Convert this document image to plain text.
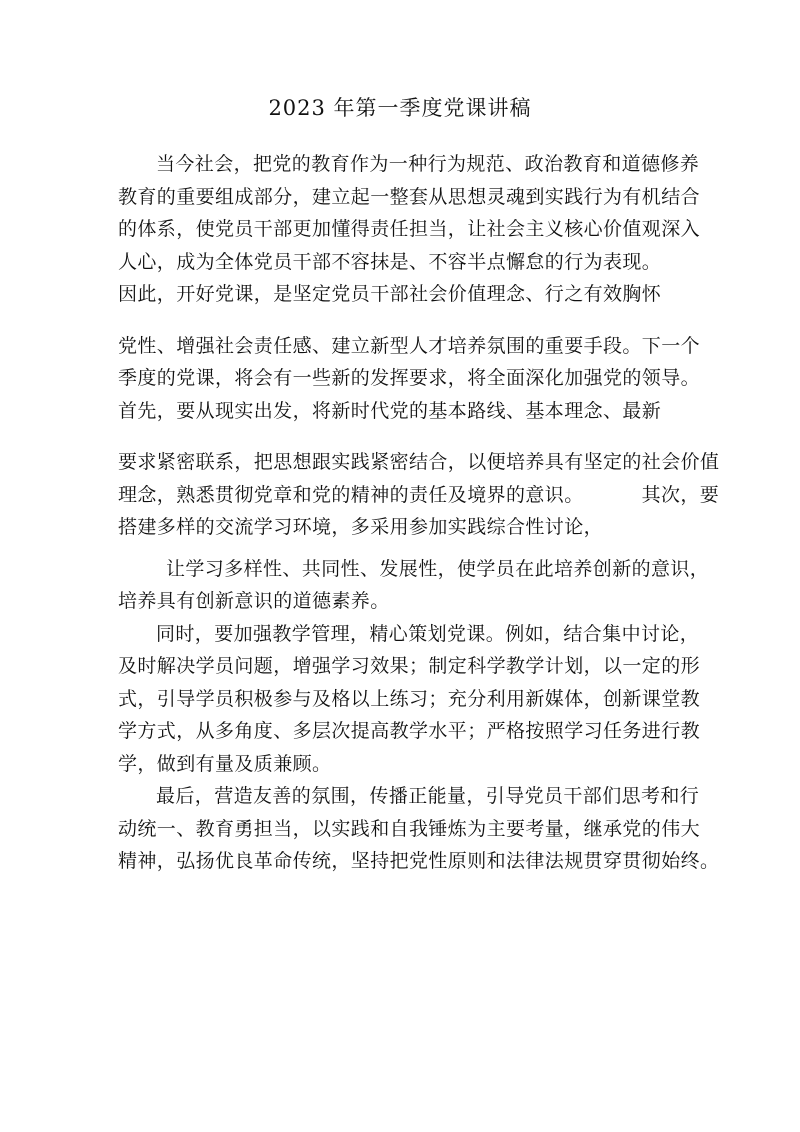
2023 年第一季度党课讲稿
当今社会，把党的教育作为一种行为规范、政治教育和道德修养
教育的重要组成部分，建立起一整套从思想灵魂到实践行为有机结合
的体系，使党员干部更加懂得责任担当，让社会主义核心价值观深入
人心，成为全体党员干部不容抹是、不容半点懈怠的行为表现。
因此，开好党课，是坚定党员干部社会价值理念、行之有效胸怀
党性、增强社会责任感、建立新型人才培养氛围的重要手段。下一个
季度的党课，将会有一些新的发挥要求，将全面深化加强党的领导。
首先，要从现实出发，将新时代党的基本路线、基本理念、最新
要求紧密联系，把思想跟实践紧密结合，以便培养具有坚定的社会价值
理念，熟悉贯彻党章和党的精神的责任及境界的意识。	其次，要
搭建多样的交流学习环境，多采用参加实践综合性讨论，
让学习多样性、共同性、发展性，使学员在此培养创新的意识，
培养具有创新意识的道德素养。
同时，要加强教学管理，精心策划党课。例如，结合集中讨论，
及时解决学员问题，增强学习效果；制定科学教学计划，以一定的形
式，引导学员积极参与及格以上练习；充分利用新媒体，创新课堂教
学方式，从多角度、多层次提高教学水平；严格按照学习任务进行教
学，做到有量及质兼顾。
最后，营造友善的氛围，传播正能量，引导党员干部们思考和行
动统一、教育勇担当，以实践和自我锤炼为主要考量，继承党的伟大
精神，弘扬优良革命传统，坚持把党性原则和法律法规贯穿贯彻始终。
